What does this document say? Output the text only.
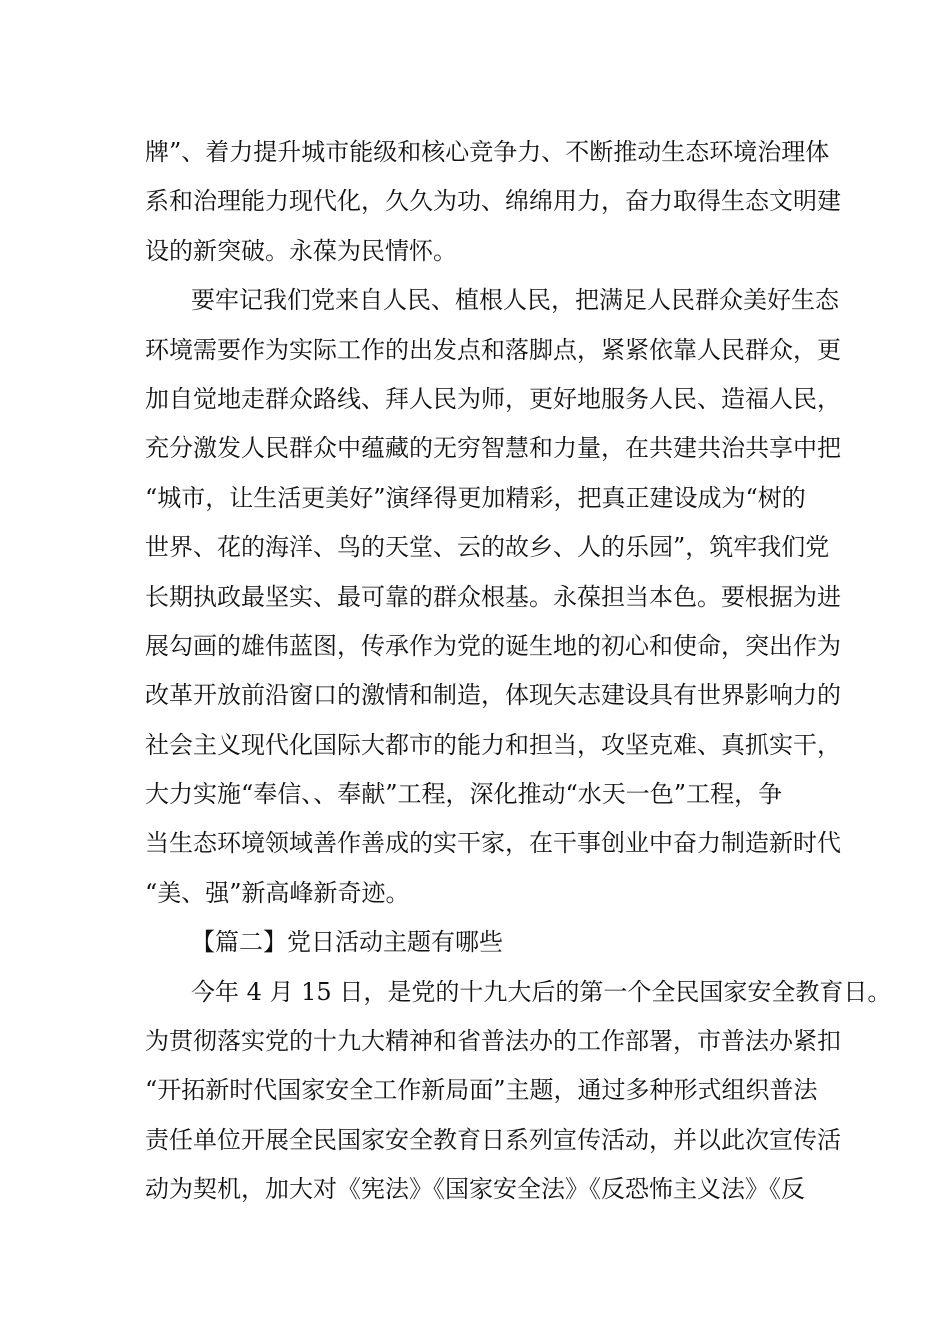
牌”、着力提升城市能级和核心竞争力、不断推动生态环境治理体
系和治理能力现代化，久久为功、绵绵用力，奋力取得生态文明建
设的新突破。永葆为民情怀。
要牢记我们党来自人民、植根人民，把满足人民群众美好生态
环境需要作为实际工作的出发点和落脚点，紧紧依靠人民群众，更
加自觉地走群众路线、拜人民为师，更好地服务人民、造福人民，
充分激发人民群众中蕴藏的无穷智慧和力量，在共建共治共享中把
“城市，让生活更美好”演绎得更加精彩，把真正建设成为“树的
世界、花的海洋、鸟的天堂、云的故乡、人的乐园”，筑牢我们党
长期执政最坚实、最可靠的群众根基。永葆担当本色。要根据为进
展勾画的雄伟蓝图，传承作为党的诞生地的初心和使命，突出作为
改革开放前沿窗口的激情和制造，体现矢志建设具有世界影响力的
社会主义现代化国际大都市的能力和担当，攻坚克难、真抓实干，
大力实施“奉信、、奉献”工程，深化推动“水天一色”工程，争
当生态环境领域善作善成的实干家，在干事创业中奋力制造新时代
“美、强”新高峰新奇迹。
【篇二】党日活动主题有哪些
今年 4 月 15 日，是党的十九大后的第一个全民国家安全教育日。
为贯彻落实党的十九大精神和省普法办的工作部署，市普法办紧扣
“开拓新时代国家安全工作新局面”主题，通过多种形式组织普法
责任单位开展全民国家安全教育日系列宣传活动，并以此次宣传活
动为契机，加大对《宪法》《国家安全法》《反恐怖主义法》《反
